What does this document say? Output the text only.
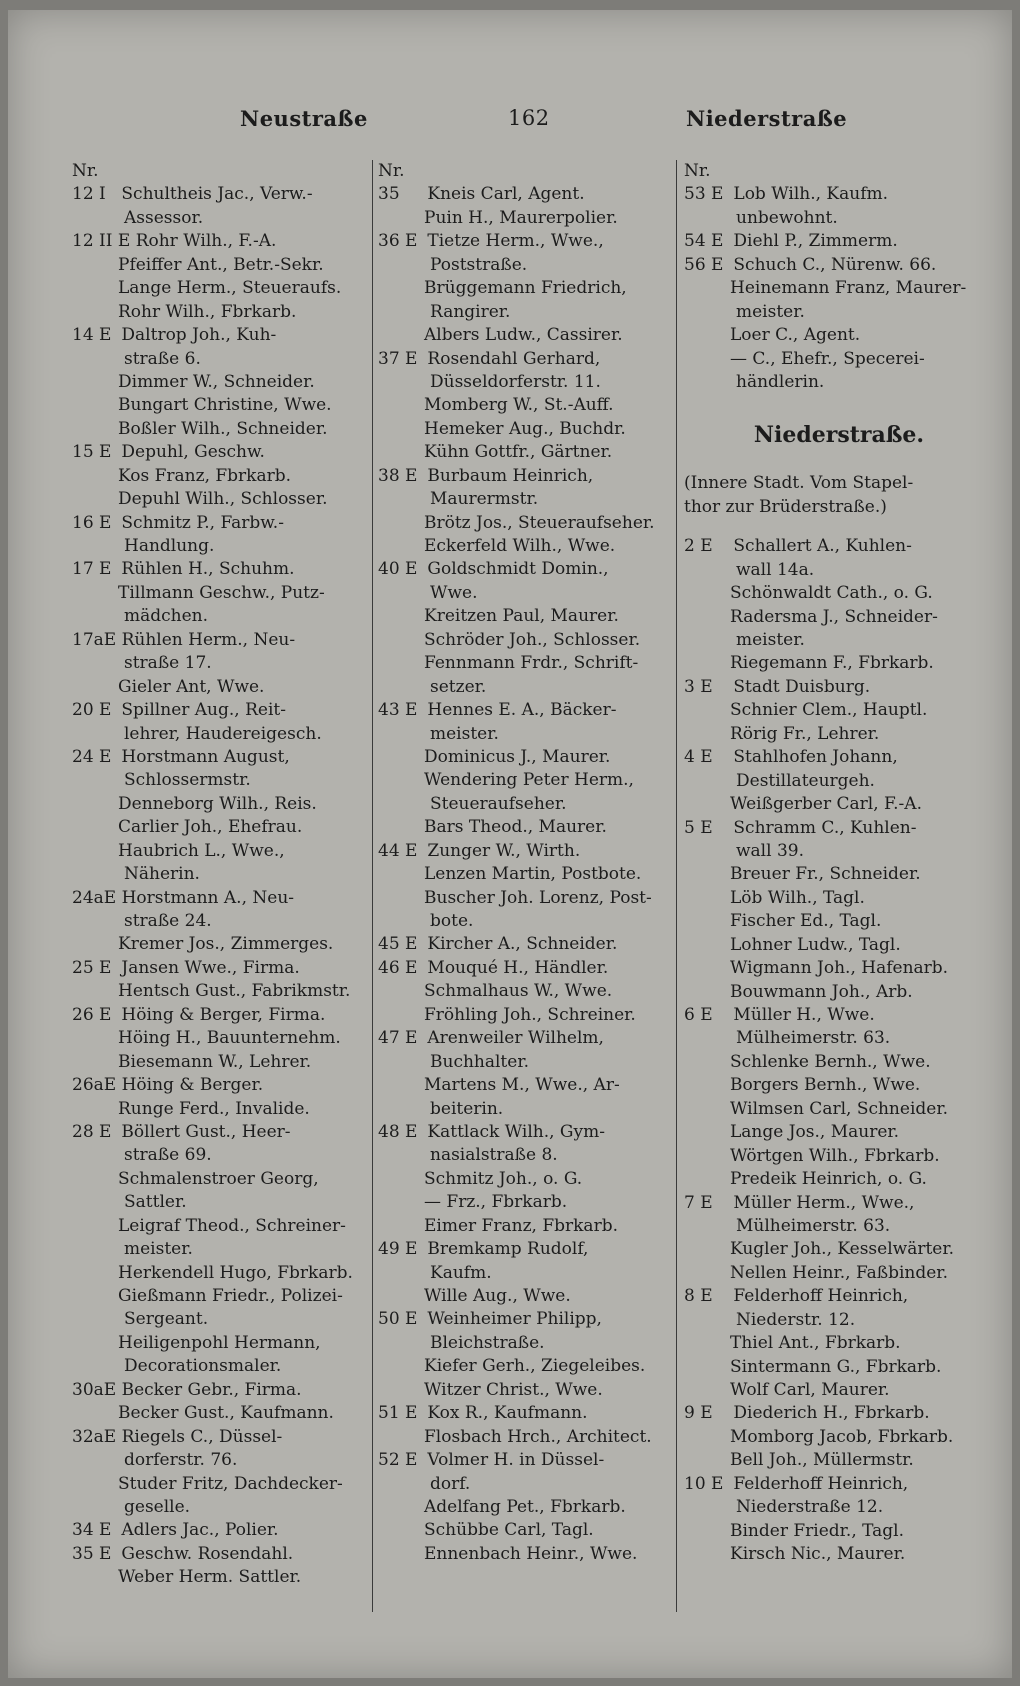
Neustraße	162	Niederstraße
Nr.
12 I Schultheis Jac., Verw.-
Assessor.
12 II E Rohr Wilh., F.-A.
Pfeiffer Ant., Betr.-Sekr.
Lange Herm., Steueraufs.
Rohr Wilh., Fbrkarb.
14 E Daltrop Joh., Kuh-
straße 6.
Dimmer W., Schneider.
Bungart Christine, Wwe.
Boßler Wilh., Schneider.
15 E Depuhl, Geschw.
Kos Franz, Fbrkarb.
Depuhl Wilh., Schlosser.
16 E Schmitz P., Farbw.-
Handlung.
17 E Rühlen H., Schuhm.
Tillmann Geschw., Putz-
mädchen.
17aE Rühlen Herm., Neu-
straße 17.
Gieler Ant, Wwe.
20 E Spillner Aug., Reit-
lehrer, Haudereigesch.
24 E Horstmann August,
Schlossermstr.
Denneborg Wilh., Reis.
Carlier Joh., Ehefrau.
Haubrich L., Wwe.,
Näherin.
24aE Horstmann A., Neu-
straße 24.
Kremer Jos., Zimmerges.
25 E Jansen Wwe., Firma.
Hentsch Gust., Fabrikmstr.
26 E Höing & Berger, Firma.
Höing H., Bauunternehm.
Biesemann W., Lehrer.
26aE Höing & Berger.
Runge Ferd., Invalide.
28 E Böllert Gust., Heer-
straße 69.
Schmalenstroer Georg,
Sattler.
Leigraf Theod., Schreiner-
meister.
Herkendell Hugo, Fbrkarb.
Gießmann Friedr., Polizei-
Sergeant.
Heiligenpohl Hermann,
Decorationsmaler.
30aE Becker Gebr., Firma.
Becker Gust., Kaufmann.
32aE Riegels C., Düssel-
dorferstr. 76.
Studer Fritz, Dachdecker-
geselle.
34 E Adlers Jac., Polier.
35 E Geschw. Rosendahl.
Weber Herm. Sattler.
Nr.
35 Kneis Carl, Agent.
Puin H., Maurerpolier.
36 E Tietze Herm., Wwe.,
Poststraße.
Brüggemann Friedrich,
Rangirer.
Albers Ludw., Cassirer.
37 E Rosendahl Gerhard,
Düsseldorferstr. 11.
Momberg W., St.-Auff.
Hemeker Aug., Buchdr.
Kühn Gottfr., Gärtner.
38 E Burbaum Heinrich,
Maurermstr.
Brötz Jos., Steueraufseher.
Eckerfeld Wilh., Wwe.
40 E Goldschmidt Domin.,
Wwe.
Kreitzen Paul, Maurer.
Schröder Joh., Schlosser.
Fennmann Frdr., Schrift-
setzer.
43 E Hennes E. A., Bäcker-
meister.
Dominicus J., Maurer.
Wendering Peter Herm.,
Steueraufseher.
Bars Theod., Maurer.
44 E Zunger W., Wirth.
Lenzen Martin, Postbote.
Buscher Joh. Lorenz, Post-
bote.
45 E Kircher A., Schneider.
46 E Mouqué H., Händler.
Schmalhaus W., Wwe.
Fröhling Joh., Schreiner.
47 E Arenweiler Wilhelm,
Buchhalter.
Martens M., Wwe., Ar-
beiterin.
48 E Kattlack Wilh., Gym-
nasialstraße 8.
Schmitz Joh., o. G.
— Frz., Fbrkarb.
Eimer Franz, Fbrkarb.
49 E Bremkamp Rudolf,
Kaufm.
Wille Aug., Wwe.
50 E Weinheimer Philipp,
Bleichstraße.
Kiefer Gerh., Ziegeleibes.
Witzer Christ., Wwe.
51 E Kox R., Kaufmann.
Flosbach Hrch., Architect.
52 E Volmer H. in Düssel-
dorf.
Adelfang Pet., Fbrkarb.
Schübbe Carl, Tagl.
Ennenbach Heinr., Wwe.
Nr.
53 E Lob Wilh., Kaufm.
unbewohnt.
54 E Diehl P., Zimmerm.
56 E Schuch C., Nürenw. 66.
Heinemann Franz, Maurer-
meister.
Loer C., Agent.
— C., Ehefr., Specerei-
händlerin.
Niederstraße.
(Innere Stadt. Vom Stapel-
thor zur Brüderstraße.)
2 E Schallert A., Kuhlen-
wall 14a.
Schönwaldt Cath., o. G.
Radersma J., Schneider-
meister.
Riegemann F., Fbrkarb.
3 E Stadt Duisburg.
Schnier Clem., Hauptl.
Rörig Fr., Lehrer.
4 E Stahlhofen Johann,
Destillateurgeh.
Weißgerber Carl, F.-A.
5 E Schramm C., Kuhlen-
wall 39.
Breuer Fr., Schneider.
Löb Wilh., Tagl.
Fischer Ed., Tagl.
Lohner Ludw., Tagl.
Wigmann Joh., Hafenarb.
Bouwmann Joh., Arb.
6 E Müller H., Wwe.
Mülheimerstr. 63.
Schlenke Bernh., Wwe.
Borgers Bernh., Wwe.
Wilmsen Carl, Schneider.
Lange Jos., Maurer.
Wörtgen Wilh., Fbrkarb.
Predeik Heinrich, o. G.
7 E Müller Herm., Wwe.,
Mülheimerstr. 63.
Kugler Joh., Kesselwärter.
Nellen Heinr., Faßbinder.
8 E Felderhoff Heinrich,
Niederstr. 12.
Thiel Ant., Fbrkarb.
Sintermann G., Fbrkarb.
Wolf Carl, Maurer.
9 E Diederich H., Fbrkarb.
Momborg Jacob, Fbrkarb.
Bell Joh., Müllermstr.
10 E Felderhoff Heinrich,
Niederstraße 12.
Binder Friedr., Tagl.
Kirsch Nic., Maurer.
